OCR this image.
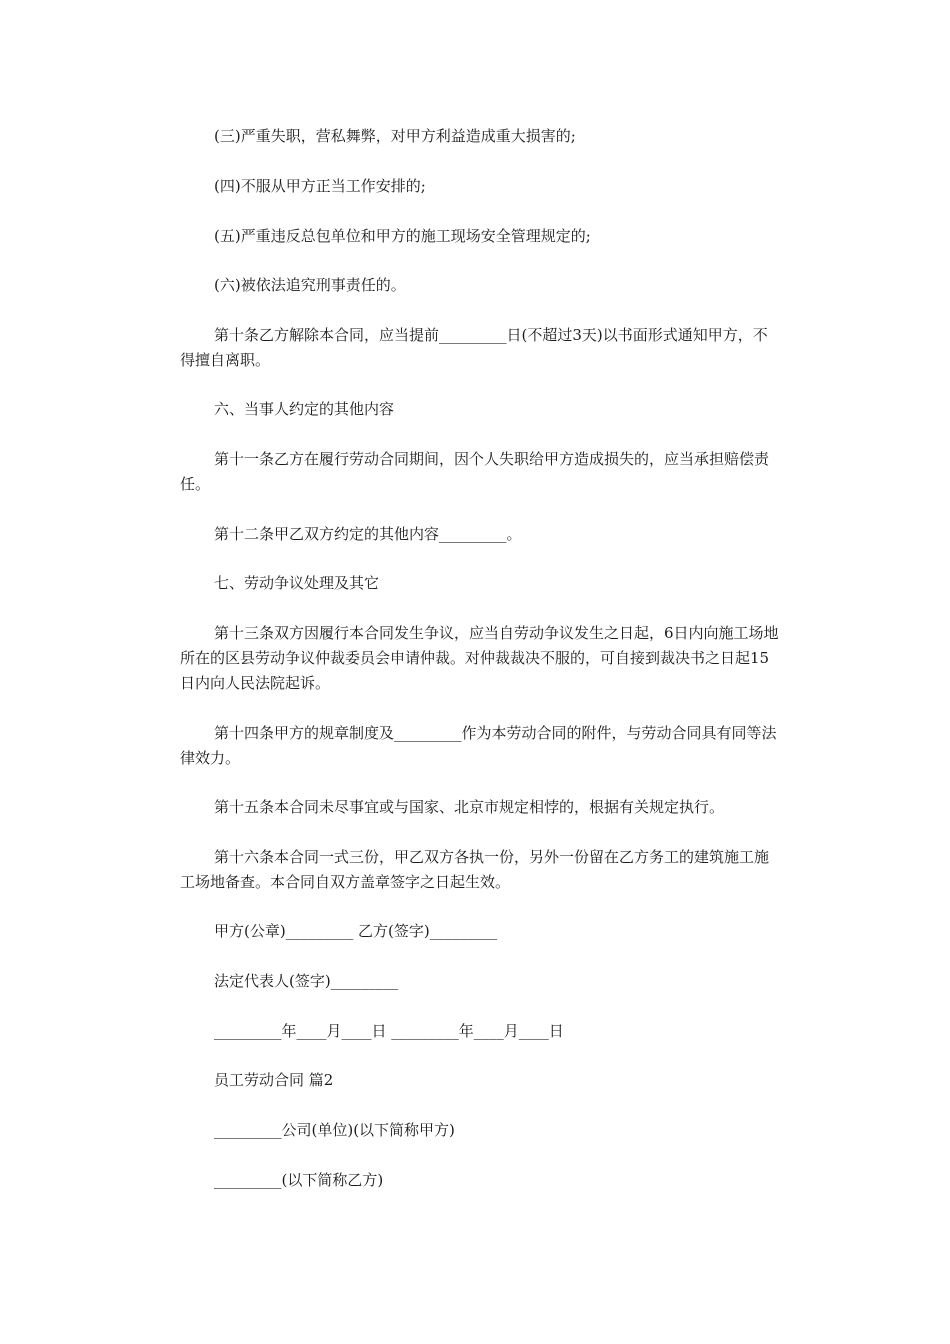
(三)严重失职，营私舞弊，对甲方利益造成重大损害的;

(四)不服从甲方正当工作安排的;

(五)严重违反总包单位和甲方的施工现场安全管理规定的;

(六)被依法追究刑事责任的。

第十条乙方解除本合同，应当提前_________日(不超过3天)以书面形式通知甲方，不得擅自离职。

六、当事人约定的其他内容

第十一条乙方在履行劳动合同期间，因个人失职给甲方造成损失的，应当承担赔偿责任。

第十二条甲乙双方约定的其他内容_________。

七、劳动争议处理及其它

第十三条双方因履行本合同发生争议，应当自劳动争议发生之日起，6日内向施工场地所在的区县劳动争议仲裁委员会申请仲裁。对仲裁裁决不服的，可自接到裁决书之日起15日内向人民法院起诉。

第十四条甲方的规章制度及_________作为本劳动合同的附件，与劳动合同具有同等法律效力。

第十五条本合同未尽事宜或与国家、北京市规定相悖的，根据有关规定执行。

第十六条本合同一式三份，甲乙双方各执一份，另外一份留在乙方务工的建筑施工施工场地备查。本合同自双方盖章签字之日起生效。

甲方(公章)_________ 乙方(签字)_________

法定代表人(签字)_________

_________年____月____日 _________年____月____日

员工劳动合同 篇2

_________公司(单位)(以下简称甲方)

_________(以下简称乙方)
